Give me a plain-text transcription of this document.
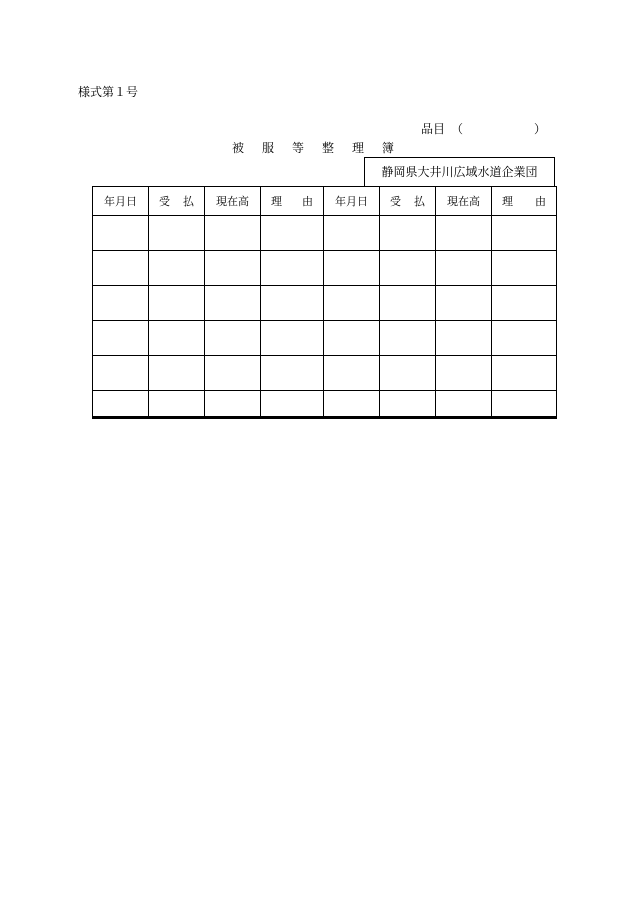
様式第１号
品目 （	）
被 服 等 整 理 簿
静岡県大井川広域水道企業団
年月日	受 払	現在高	理 由	年月日	受 払	現在高	理 由
